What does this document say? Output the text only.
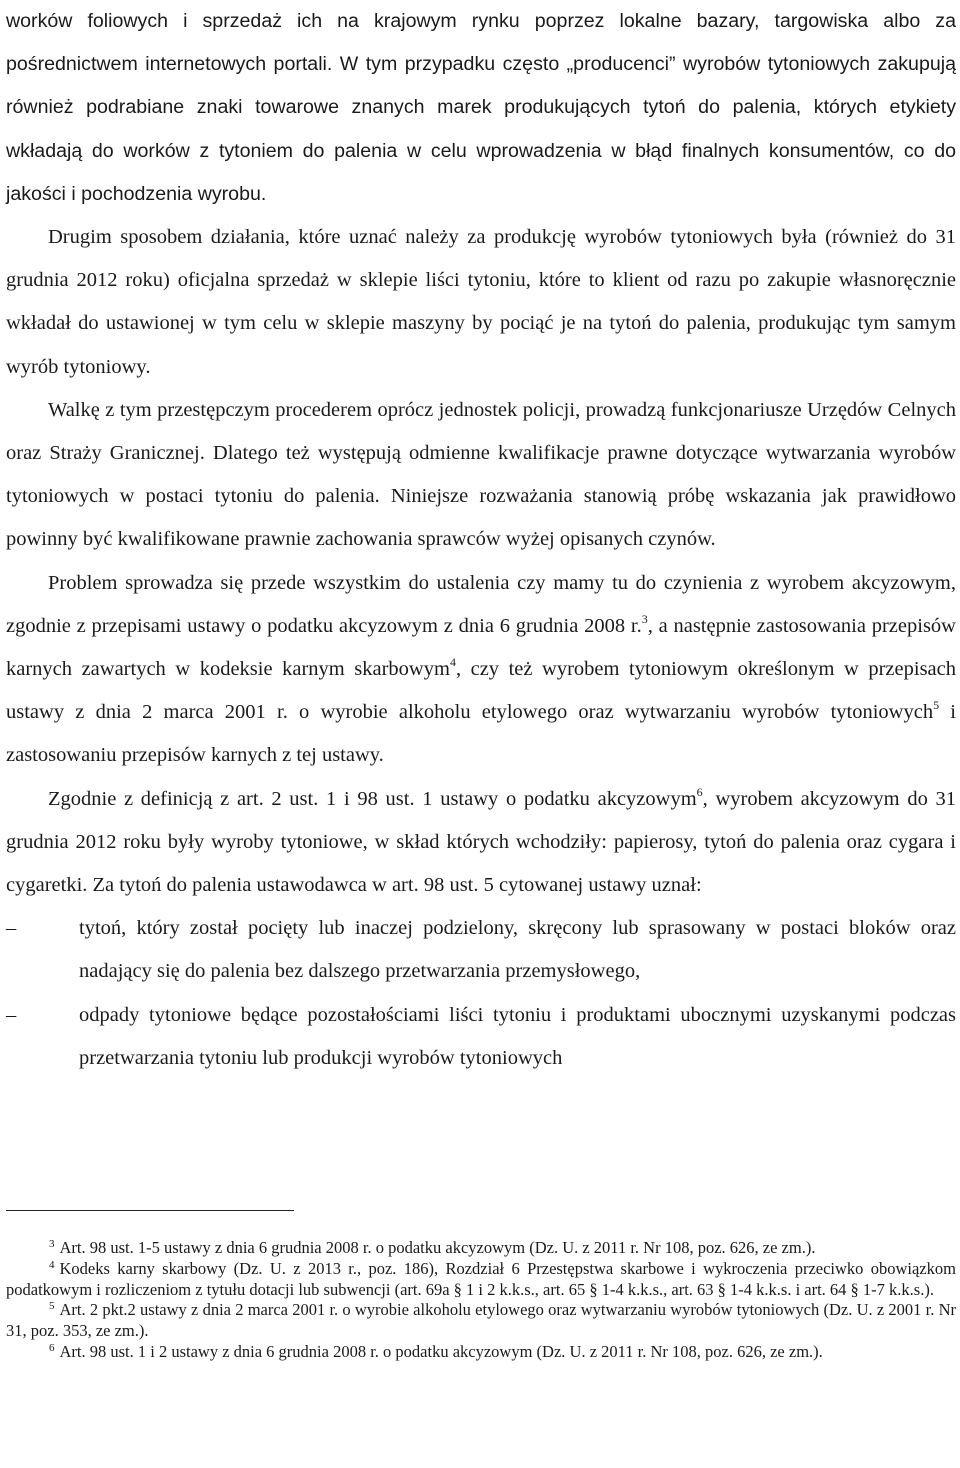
worków foliowych i sprzedaż ich na krajowym rynku poprzez lokalne bazary, targowiska albo za pośrednictwem internetowych portali. W tym przypadku często „producenci” wyrobów tytoniowych zakupują również podrabiane znaki towarowe znanych marek produkujących tytoń do palenia, których etykiety wkładają do worków z tytoniem do palenia w celu wprowadzenia w błąd finalnych konsumentów, co do jakości i pochodzenia wyrobu.

Drugim sposobem działania, które uznać należy za produkcję wyrobów tytoniowych była (również do 31 grudnia 2012 roku) oficjalna sprzedaż w sklepie liści tytoniu, które to klient od razu po zakupie własnoręcznie wkładał do ustawionej w tym celu w sklepie maszyny by pociąć je na tytoń do palenia, produkując tym samym wyrób tytoniowy.

Walkę z tym przestępczym procederem oprócz jednostek policji, prowadzą funkcjonariusze Urzędów Celnych oraz Straży Granicznej. Dlatego też występują odmienne kwalifikacje prawne dotyczące wytwarzania wyrobów tytoniowych w postaci tytoniu do palenia. Niniejsze rozważania stanowią próbę wskazania jak prawidłowo powinny być kwalifikowane prawnie zachowania sprawców wyżej opisanych czynów.

Problem sprowadza się przede wszystkim do ustalenia czy mamy tu do czynienia z wyrobem akcyzowym, zgodnie z przepisami ustawy o podatku akcyzowym z dnia 6 grudnia 2008 r.$^3$, a następnie zastosowania przepisów karnych zawartych w kodeksie karnym skarbowym$^4$, czy też wyrobem tytoniowym określonym w przepisach ustawy z dnia 2 marca 2001 r. o wyrobie alkoholu etylowego oraz wytwarzaniu wyrobów tytoniowych$^5$ i zastosowaniu przepisów karnych z tej ustawy.

Zgodnie z definicją z art. 2 ust. 1 i 98 ust. 1 ustawy o podatku akcyzowym$^6$, wyrobem akcyzowym do 31 grudnia 2012 roku były wyroby tytoniowe, w skład których wchodziły: papierosy, tytoń do palenia oraz cygara i cygaretki. Za tytoń do palenia ustawodawca w art. 98 ust. 5 cytowanej ustawy uznał:

–	tytoń, który został pocięty lub inaczej podzielony, skręcony lub sprasowany w postaci bloków oraz nadający się do palenia bez dalszego przetwarzania przemysłowego,
–	odpady tytoniowe będące pozostałościami liści tytoniu i produktami ubocznymi uzyskanymi podczas przetwarzania tytoniu lub produkcji wyrobów tytoniowych

$^3$ Art. 98 ust. 1-5 ustawy z dnia 6 grudnia 2008 r. o podatku akcyzowym (Dz. U. z 2011 r. Nr 108, poz. 626, ze zm.).

$^4$ Kodeks karny skarbowy (Dz. U. z 2013 r., poz. 186), Rozdział 6 Przestępstwa skarbowe i wykroczenia przeciwko obowiązkom podatkowym i rozliczeniom z tytułu dotacji lub subwencji (art. 69a § 1 i 2 k.k.s., art. 65 § 1-4 k.k.s., art. 63 § 1-4 k.k.s. i art. 64 § 1-7 k.k.s.).

$^5$ Art. 2 pkt.2 ustawy z dnia 2 marca 2001 r. o wyrobie alkoholu etylowego oraz wytwarzaniu wyrobów tytoniowych (Dz. U. z 2001 r. Nr 31, poz. 353, ze zm.).

$^6$ Art. 98 ust. 1 i 2 ustawy z dnia 6 grudnia 2008 r. o podatku akcyzowym (Dz. U. z 2011 r. Nr 108, poz. 626, ze zm.).
